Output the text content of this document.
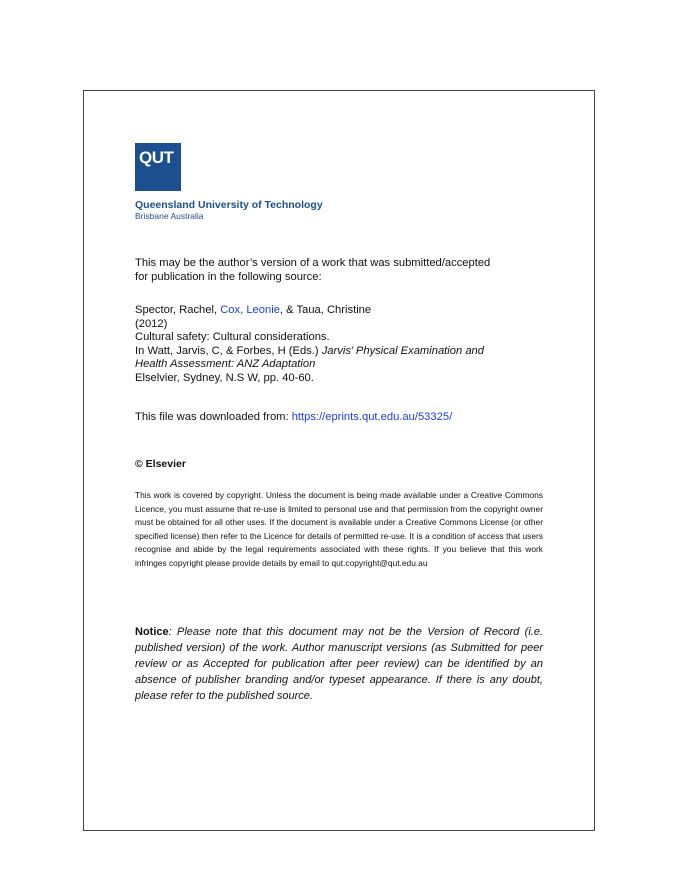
QUT
Queensland University of Technology
Brisbane Australia
This may be the author’s version of a work that was submitted/accepted
for publication in the following source:
Spector, Rachel, Cox, Leonie, & Taua, Christine
(2012)
Cultural safety: Cultural considerations.
In Watt, Jarvis, C, & Forbes, H (Eds.) Jarvis’ Physical Examination and
Health Assessment: ANZ Adaptation
Elselvier, Sydney, N.S W, pp. 40-60.
This file was downloaded from: https://eprints.qut.edu.au/53325/
© Elsevier
This work is covered by copyright. Unless the document is being made available under a Creative Commons Licence, you must assume that re-use is limited to personal use and that permission from the copyright owner must be obtained for all other uses. If the document is available under a Creative Commons License (or other specified license) then refer to the Licence for details of permitted re-use. It is a condition of access that users recognise and abide by the legal requirements associated with these rights. If you believe that this work infringes copyright please provide details by email to qut.copyright@qut.edu.au
Notice: Please note that this document may not be the Version of Record (i.e. published version) of the work. Author manuscript versions (as Submitted for peer review or as Accepted for publication after peer review) can be identified by an absence of publisher branding and/or typeset appearance. If there is any doubt, please refer to the published source.
